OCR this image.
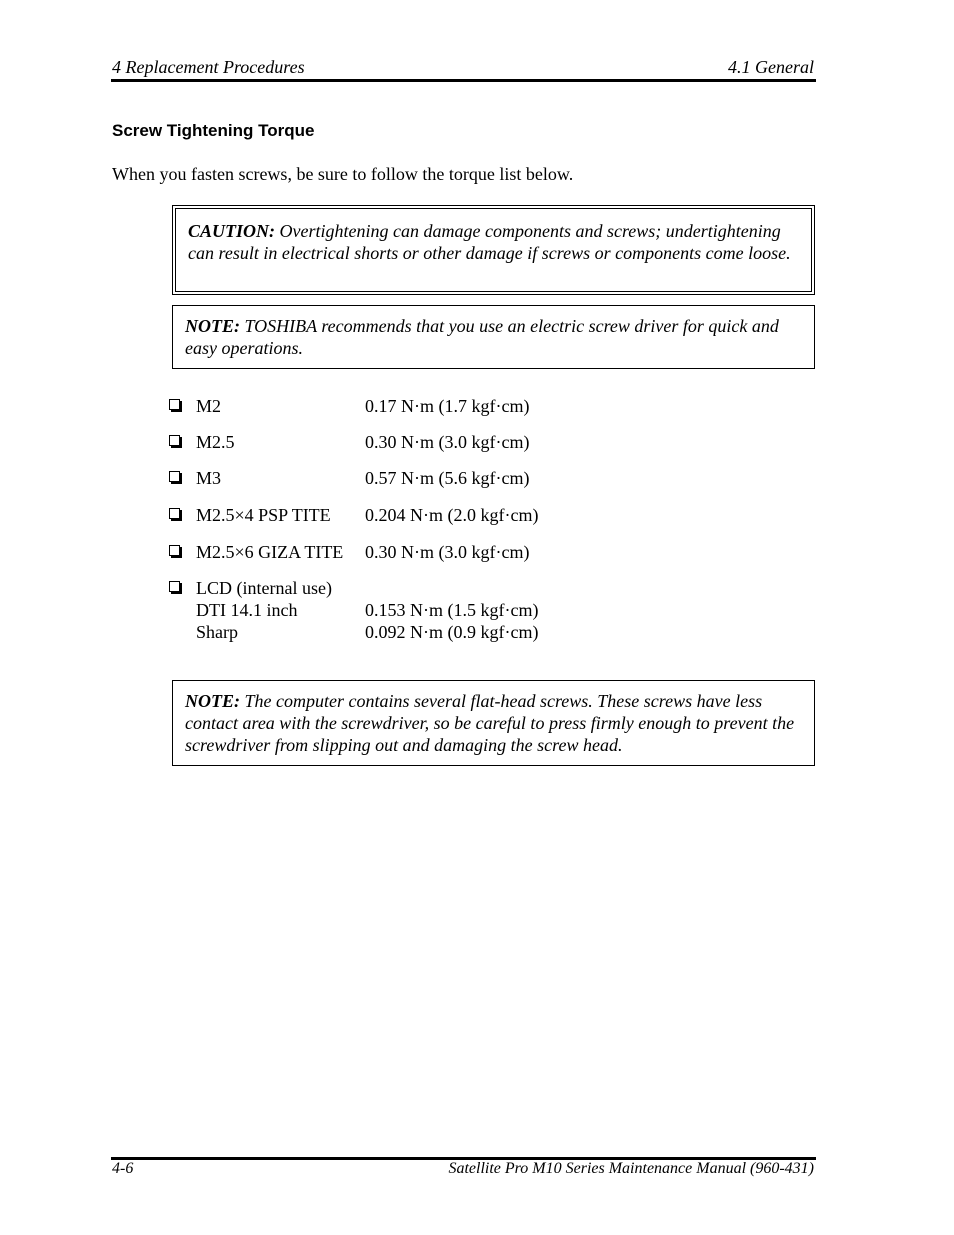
4 Replacement Procedures	4.1 General
Screw Tightening Torque
When you fasten screws, be sure to follow the torque list below.
CAUTION: Overtightening can damage components and screws; undertightening can result in electrical shorts or other damage if screws or components come loose.
NOTE: TOSHIBA recommends that you use an electric screw driver for quick and easy operations.
M2	0.17 N·m (1.7 kgf·cm)
M2.5	0.30 N·m (3.0 kgf·cm)
M3	0.57 N·m (5.6 kgf·cm)
M2.5×4 PSP TITE 0.204 N·m (2.0 kgf·cm)
M2.5×6 GIZA TITE 0.30 N·m (3.0 kgf·cm)
LCD (internal use)
DTI 14.1 inch	0.153 N·m (1.5 kgf·cm)
Sharp	0.092 N·m (0.9 kgf·cm)
NOTE: The computer contains several flat-head screws. These screws have less contact area with the screwdriver, so be careful to press firmly enough to prevent the screwdriver from slipping out and damaging the screw head.
4-6	Satellite Pro M10 Series Maintenance Manual (960-431)
